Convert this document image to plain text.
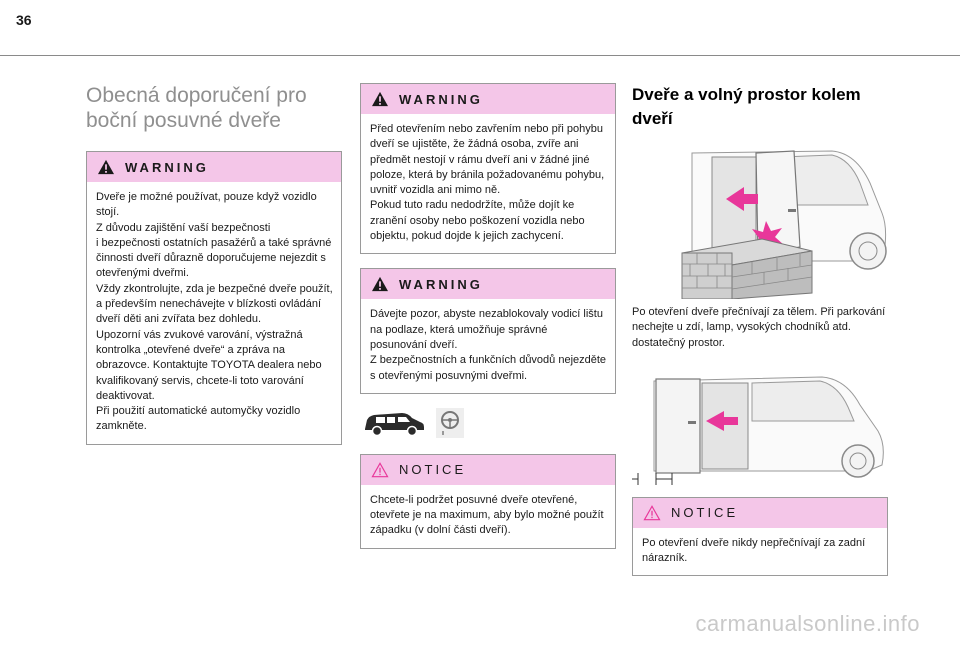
36
Obecná doporučení pro boční posuvné dveře
WARNING
Dveře je možné používat, pouze když vozidlo stojí.
Z důvodu zajištění vaší bezpečnosti
i bezpečnosti ostatních pasažérů a také správné činnosti dveří důrazně doporučujeme nejezdit s otevřenými dveřmi.
Vždy zkontrolujte, zda je bezpečné dveře použít, a především nenechávejte v blízkosti ovládání dveří děti ani zvířata bez dohledu.
Upozorní vás zvukové varování, výstražná kontrolka „otevřené dveře“ a zpráva na obrazovce. Kontaktujte TOYOTA dealera nebo kvalifikovaný servis, chcete-li toto varování deaktivovat.
Při použití automatické automyčky vozidlo zamkněte.
WARNING
Před otevřením nebo zavřením nebo při pohybu dveří se ujistěte, že žádná osoba, zvíře ani předmět nestojí v rámu dveří ani v žádné jiné poloze, která by bránila požadovanému pohybu, uvnitř vozidla ani mimo ně.
Pokud tuto radu nedodržíte, může dojít ke zranění osoby nebo poškození vozidla nebo objektu, pokud dojde k jejich zachycení.
WARNING
Dávejte pozor, abyste nezablokovaly vodicí lištu na podlaze, která umožňuje správné posunování dveří.
Z bezpečnostních a funkčních důvodů nejezděte s otevřenými posuvnými dveřmi.
NOTICE
Chcete-li podržet posuvné dveře otevřené, otevřete je na maximum, aby bylo možné použít západku (v dolní části dveří).
Dveře a volný prostor kolem dveří
Po otevření dveře přečnívají za tělem. Při parkování nechejte u zdí, lamp, vysokých chodníků atd. dostatečný prostor.
NOTICE
Po otevření dveře nikdy nepřečnívají za zadní nárazník.
carmanualsonline.info
